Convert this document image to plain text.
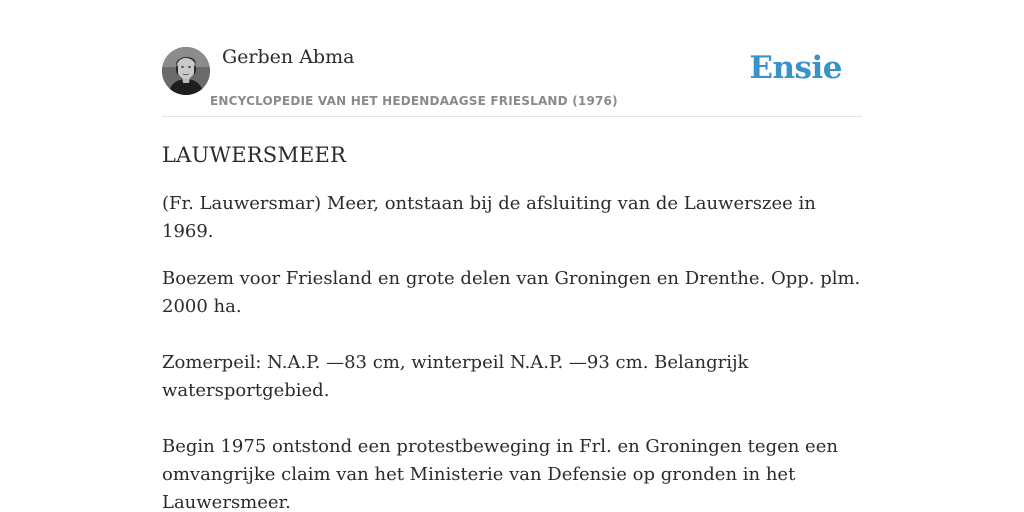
Gerben Abma
ENCYCLOPEDIE VAN HET HEDENDAAGSE FRIESLAND (1976)
Ensie
LAUWERSMEER

(Fr. Lauwersmar) Meer, ontstaan bij de afsluiting van de Lauwerszee in 1969.

Boezem voor Friesland en grote delen van Groningen en Drenthe. Opp. plm. 2000 ha.

Zomerpeil: N.A.P. —83 cm, winterpeil N.A.P. —93 cm. Belangrijk watersportgebied.

Begin 1975 ontstond een protestbeweging in Frl. en Groningen tegen een omvangrijke claim van het Ministerie van Defensie op gronden in het Lauwersmeer.
